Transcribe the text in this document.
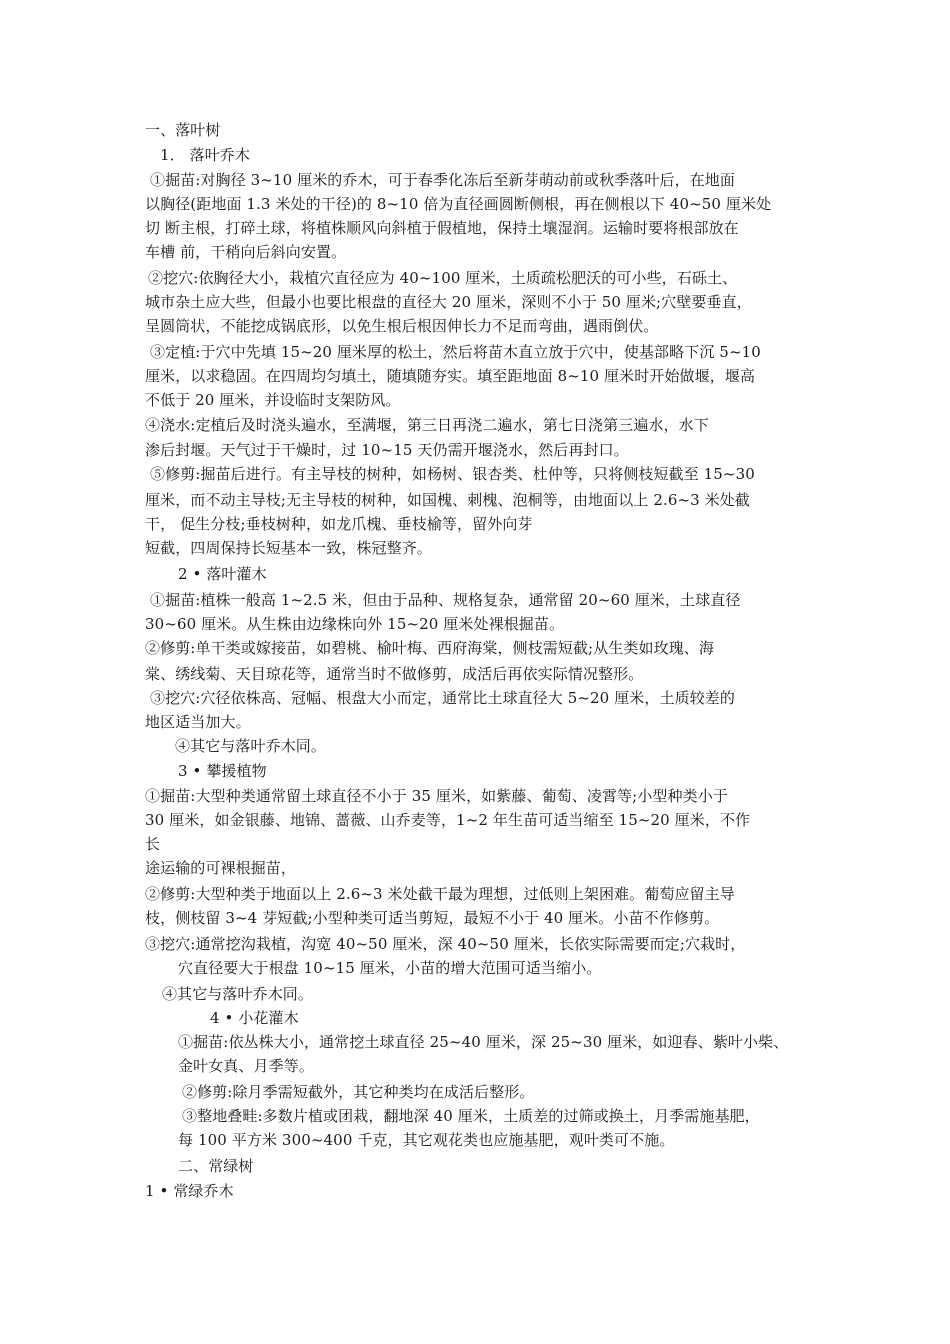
一、落叶树
1． 落叶乔木
①掘苗:对胸径 3~10 厘米的乔木，可于春季化冻后至新芽萌动前或秋季落叶后，在地面
以胸径(距地面 1.3 米处的干径)的 8~10 倍为直径画圆断侧根，再在侧根以下 40~50 厘米处
切 断主根，打碎土球，将植株顺风向斜植于假植地，保持土壤湿润。运输时要将根部放在
车槽 前，干稍向后斜向安置。
②挖穴:依胸径大小，栽植穴直径应为 40~100 厘米，土质疏松肥沃的可小些，石砾土、
城市杂土应大些，但最小也要比根盘的直径大 20 厘米，深则不小于 50 厘米;穴壁要垂直，
呈圆筒状，不能挖成锅底形，以免生根后根因伸长力不足而弯曲，遇雨倒伏。
③定植:于穴中先填 15~20 厘米厚的松土，然后将苗木直立放于穴中，使基部略下沉 5~10
厘米，以求稳固。在四周均匀填土，随填随夯实。填至距地面 8~10 厘米时开始做堰，堰高
不低于 20 厘米，并设临时支架防风。
④浇水:定植后及时浇头遍水，至满堰，第三日再浇二遍水，第七日浇第三遍水，水下
渗后封堰。天气过于干燥时，过 10~15 天仍需开堰浇水，然后再封口。
⑤修剪:掘苗后进行。有主导枝的树种，如杨树、银杏类、杜仲等，只将侧枝短截至 15~30
厘米，而不动主导枝;无主导枝的树种，如国槐、刺槐、泡桐等，由地面以上 2.6~3 米处截
干， 促生分枝;垂枝树种，如龙爪槐、垂枝榆等，留外向芽
短截，四周保持长短基本一致，株冠整齐。
2 • 落叶灌木
①掘苗:植株一般高 1~2.5 米，但由于品种、规格复杂，通常留 20~60 厘米，土球直径
30~60 厘米。从生株由边缘株向外 15~20 厘米处裸根掘苗。
②修剪:单干类或嫁接苗，如碧桃、榆叶梅、西府海棠，侧枝需短截;从生类如玫瑰、海
棠、绣线菊、天目琼花等，通常当时不做修剪，成活后再依实际情况整形。
③挖穴:穴径依株高、冠幅、根盘大小而定，通常比土球直径大 5~20 厘米，土质较差的
地区适当加大。
④其它与落叶乔木同。
3 • 攀援植物
①掘苗:大型种类通常留土球直径不小于 35 厘米，如紫藤、葡萄、凌霄等;小型种类小于
30 厘米，如金银藤、地锦、蔷薇、山乔麦等，1~2 年生苗可适当缩至 15~20 厘米，不作
长
途运输的可裸根掘苗，
②修剪:大型种类于地面以上 2.6~3 米处截干最为理想，过低则上架困难。葡萄应留主导
枝，侧枝留 3~4 芽短截;小型种类可适当剪短，最短不小于 40 厘米。小苗不作修剪。
③挖穴:通常挖沟栽植，沟宽 40~50 厘米，深 40~50 厘米，长依实际需要而定;穴栽时，
穴直径要大于根盘 10~15 厘米，小苗的增大范围可适当缩小。
④其它与落叶乔木同。
4 • 小花灌木
①掘苗:依丛株大小，通常挖土球直径 25~40 厘米，深 25~30 厘米，如迎春、紫叶小柴、
金叶女真、月季等。
②修剪:除月季需短截外，其它种类均在成活后整形。
③整地叠畦:多数片植或团栽，翻地深 40 厘米，土质差的过筛或换土，月季需施基肥，
每 100 平方米 300~400 千克，其它观花类也应施基肥，观叶类可不施。
二、常绿树
1 • 常绿乔木
